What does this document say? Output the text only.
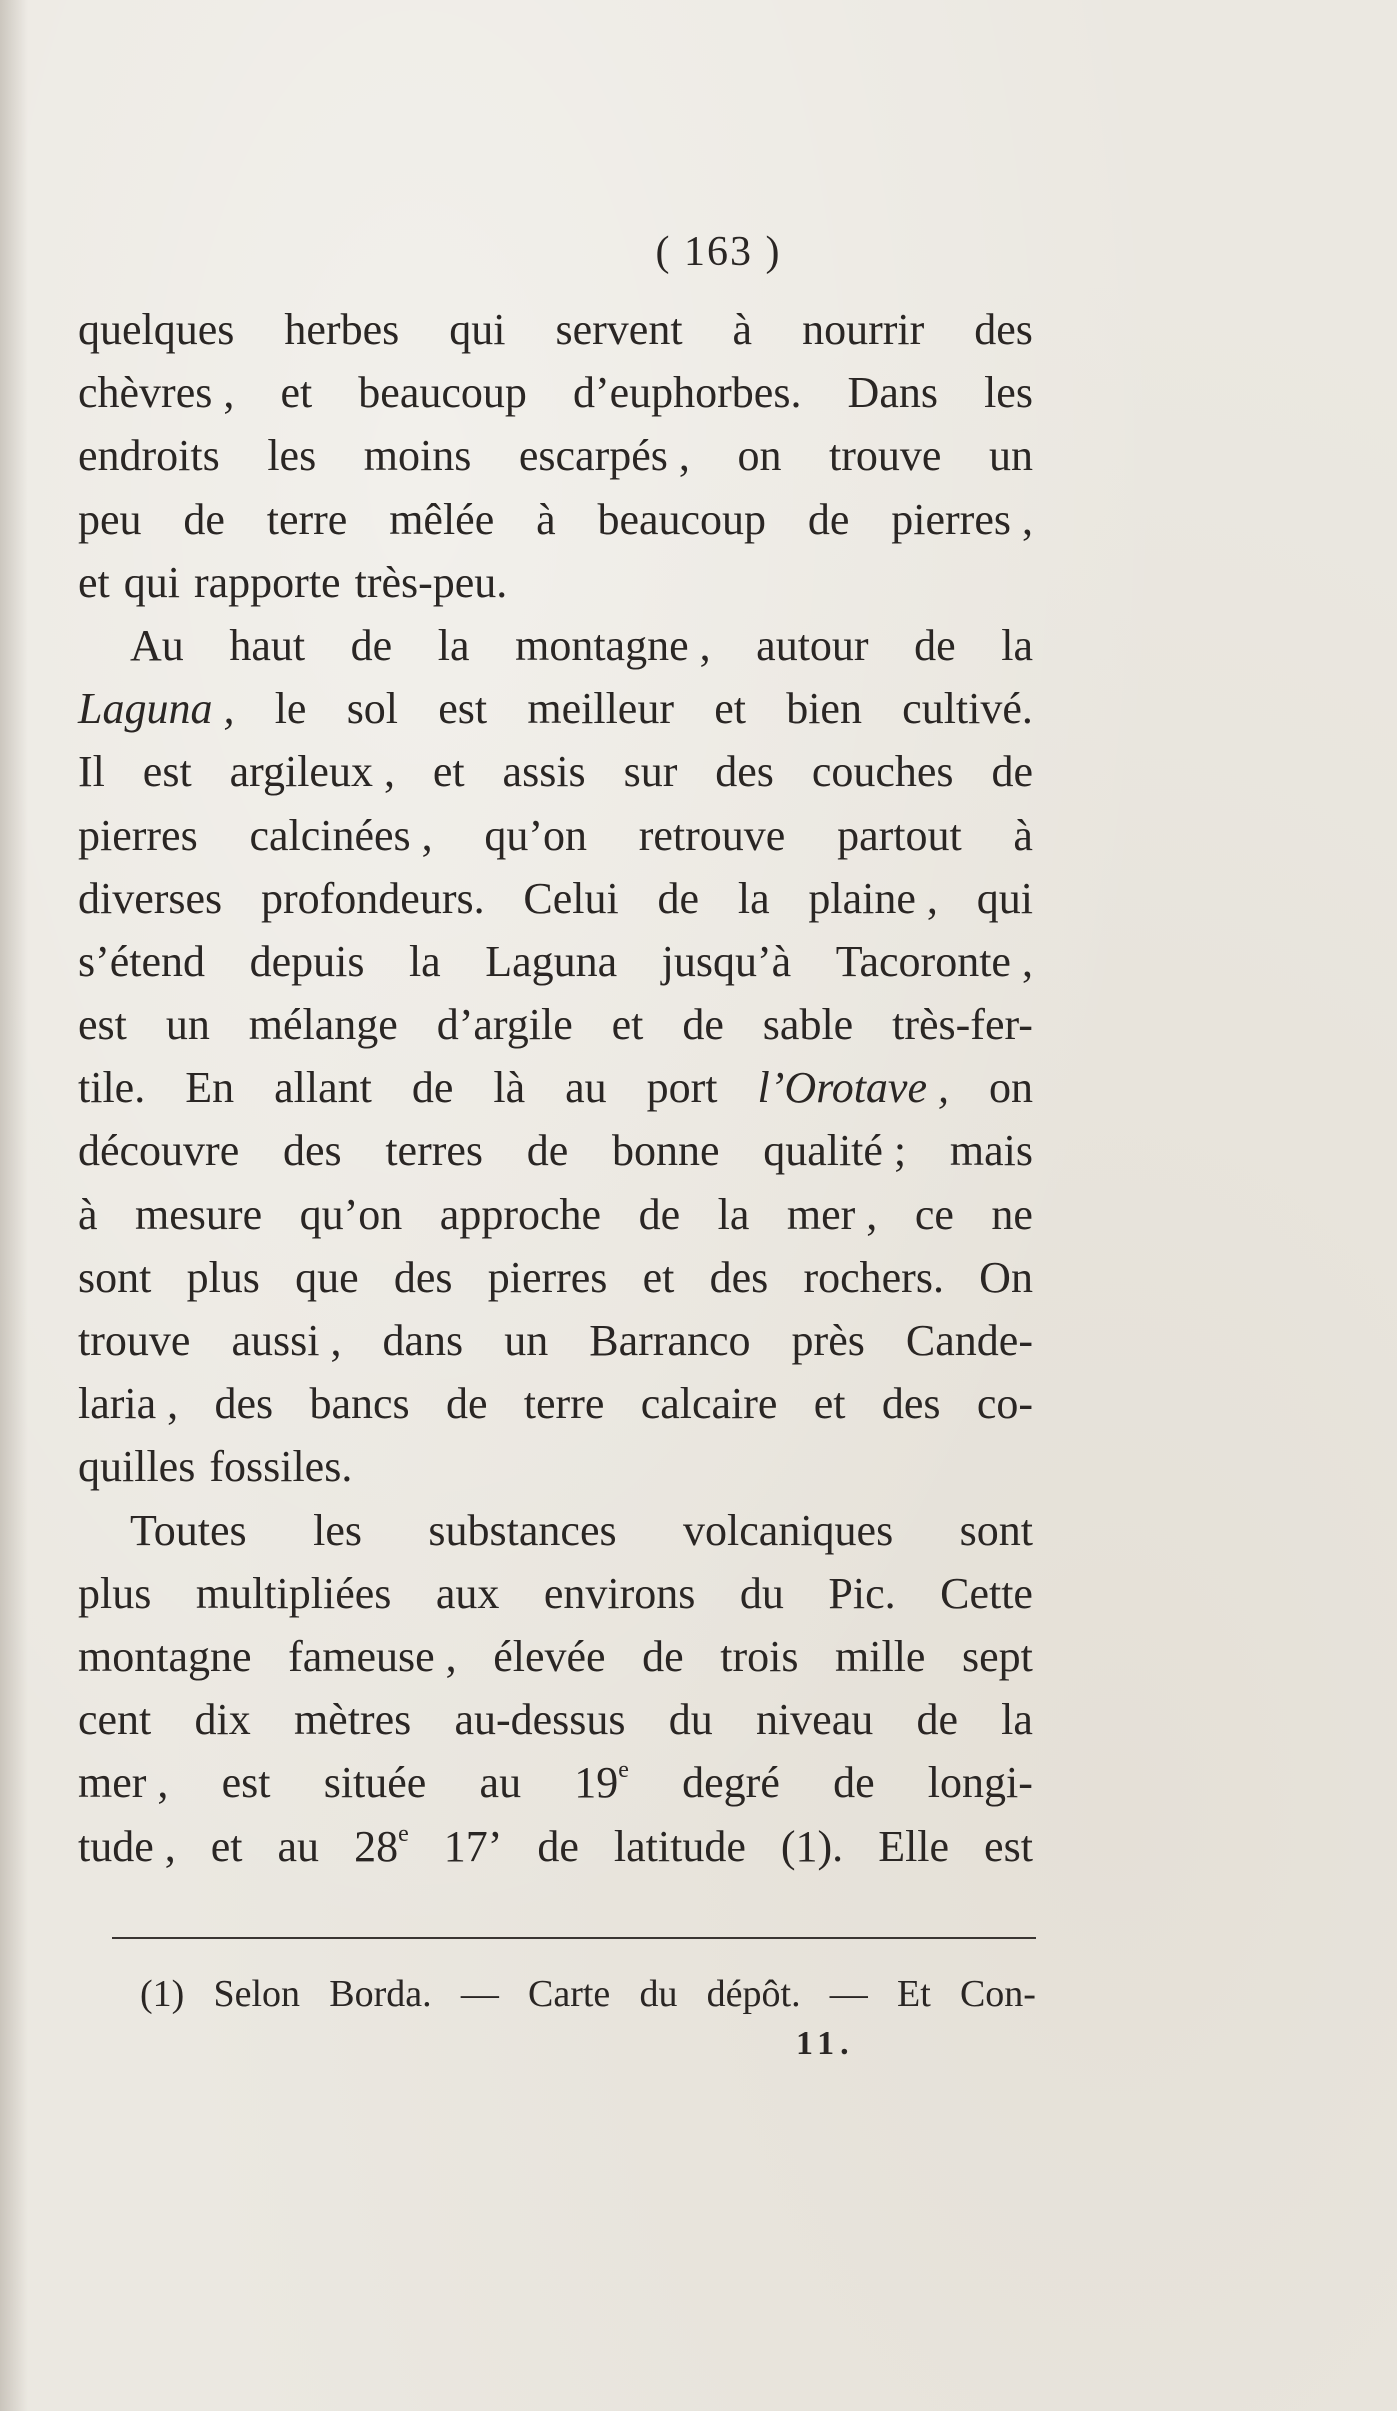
( 163 )
quelques herbes qui servent à nourrir des
chèvres , et beaucoup d’euphorbes. Dans les
endroits les moins escarpés , on trouve un
peu de terre mêlée à beaucoup de pierres ,
et qui rapporte très-peu.
Au haut de la montagne , autour de la
Laguna , le sol est meilleur et bien cultivé.
Il est argileux , et assis sur des couches de
pierres calcinées , qu’on retrouve partout à
diverses profondeurs. Celui de la plaine , qui
s’étend depuis la Laguna jusqu’à Tacoronte ,
est un mélange d’argile et de sable très-fer-
tile. En allant de là au port l’Orotave , on
découvre des terres de bonne qualité ; mais
à mesure qu’on approche de la mer , ce ne
sont plus que des pierres et des rochers. On
trouve aussi , dans un Barranco près Cande-
laria , des bancs de terre calcaire et des co-
quilles fossiles.
Toutes les substances volcaniques sont
plus multipliées aux environs du Pic. Cette
montagne fameuse , élevée de trois mille sept
cent dix mètres au-dessus du niveau de la
mer , est située au 19e degré de longi-
tude , et au 28e 17’ de latitude (1). Elle est
(1) Selon Borda. — Carte du dépôt. — Et Con-
11.
